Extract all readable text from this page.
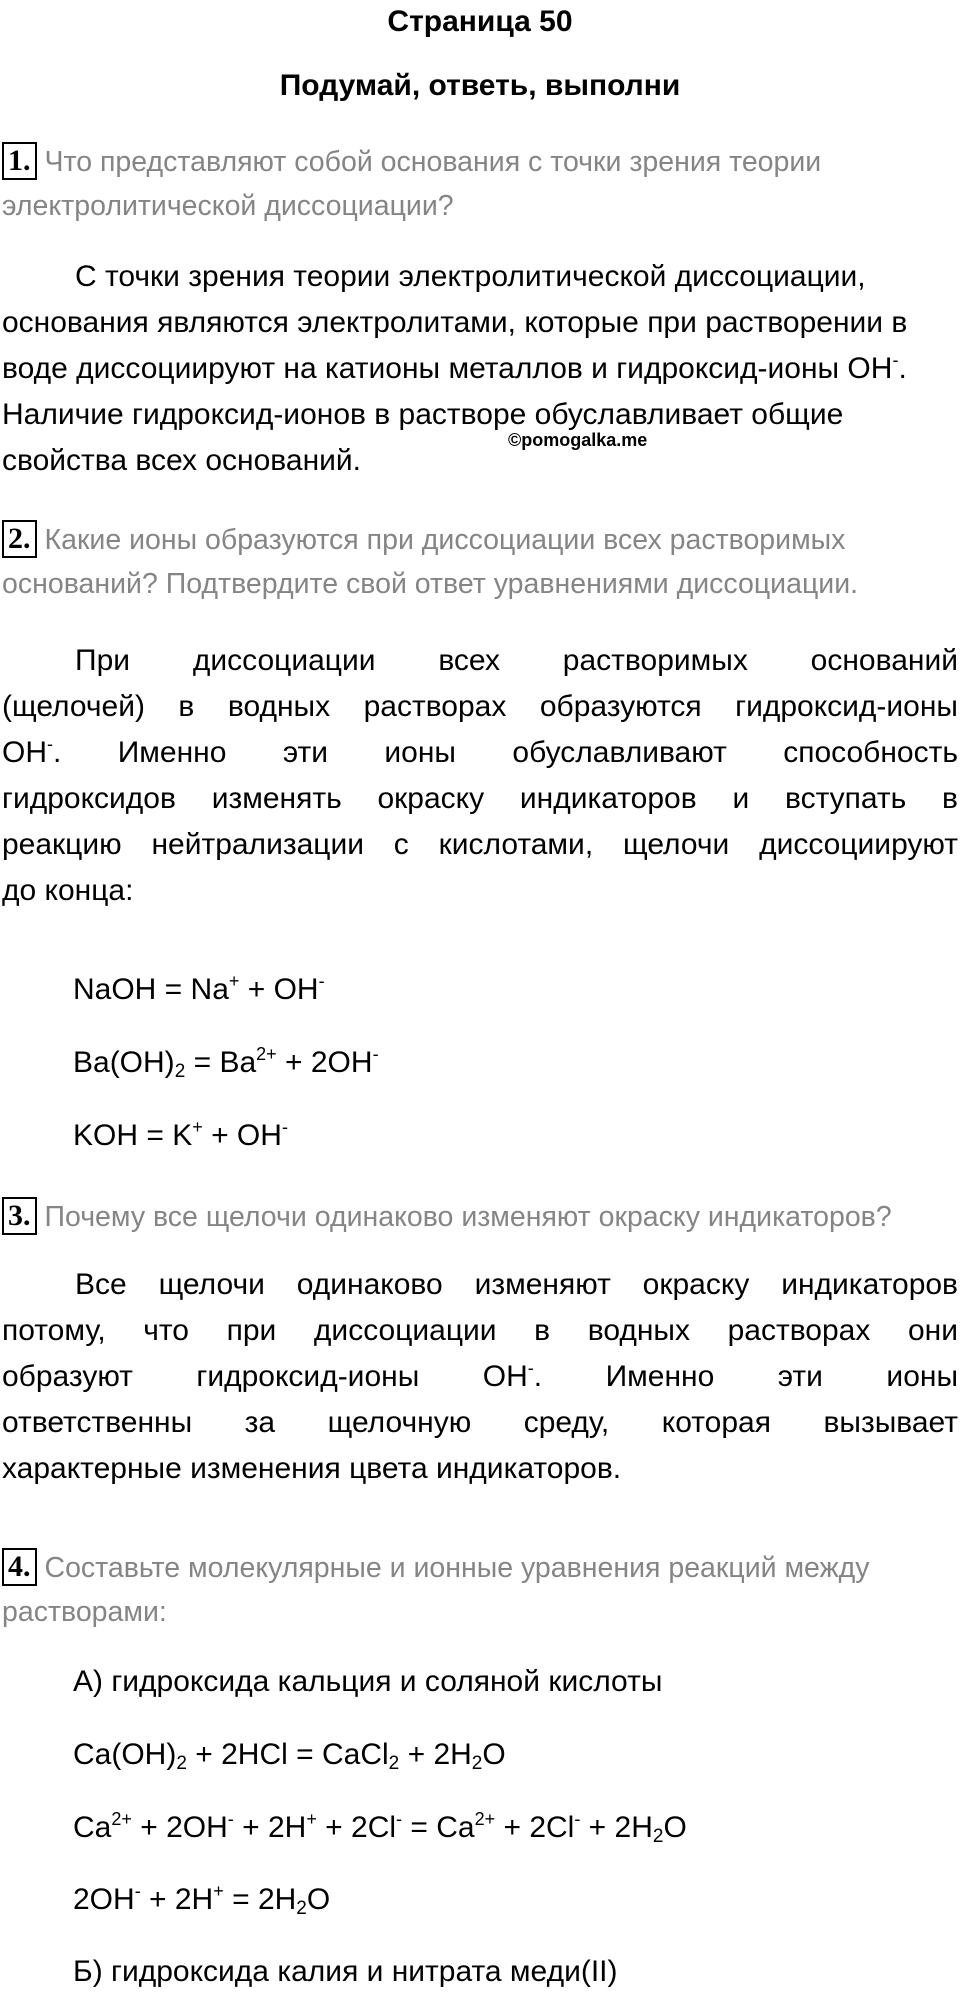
Страница 50
Подумай, ответь, выполни
1. Что представляют собой основания с точки зрения теории электролитической диссоциации?

С точки зрения теории электролитической диссоциации, основания являются электролитами, которые при растворении в воде диссоциируют на катионы металлов и гидроксид-ионы OH-. Наличие гидроксид-ионов в растворе обуславливает общие свойства всех оснований.

©pomogalka.me
2. Какие ионы образуются при диссоциации всех растворимых оснований? Подтвердите свой ответ уравнениями диссоциации.
При диссоциации всех растворимых оснований
(щелочей) в водных растворах образуются гидроксид-ионы
OH-. Именно эти ионы обуславливают способность
гидроксидов изменять окраску индикаторов и вступать в
реакцию нейтрализации с кислотами, щелочи диссоциируют
до конца:
NaOH = Na+ + OH-
$Ba(OH)_2 = Ba^{2+} + 2OH^-$
KOH = K+ + OH-
3. Почему все щелочи одинаково изменяют окраску индикаторов?
Все щелочи одинаково изменяют окраску индикаторов
потому, что при диссоциации в водных растворах они
образуют гидроксид-ионы OH-. Именно эти ионы
ответственны за щелочную среду, которая вызывает
характерные изменения цвета индикаторов.
4. Составьте молекулярные и ионные уравнения реакций между растворами:
А) гидроксида кальция и соляной кислоты
$Ca(OH)_2 + 2HCl$ = CaCl$_2$ + $2H_2O$
$Ca^{2+} + 2OH^- + 2H^+ + 2Cl^- = Ca^{2+} + 2Cl^- + 2H_2O$
$2OH^- + 2H^+ = 2H_2O$
Б) гидроксида калия и нитрата меди(II)
